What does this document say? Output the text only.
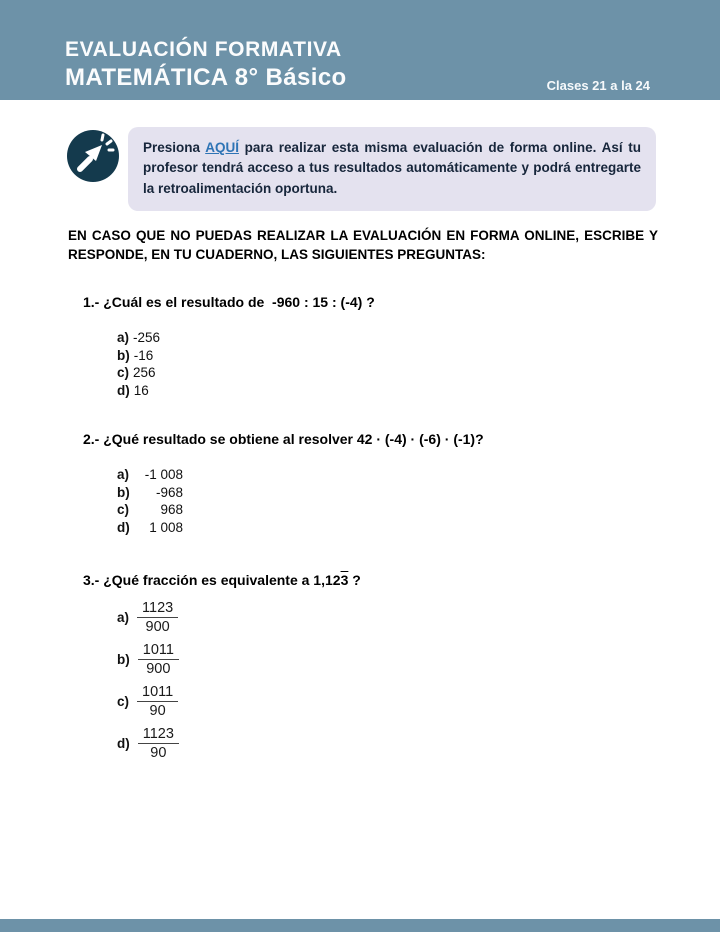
EVALUACIÓN FORMATIVA
MATEMÁTICA 8° Básico	Clases 21 a la 24
Presiona AQUÍ para realizar esta misma evaluación de forma online. Así tu profesor tendrá acceso a tus resultados automáticamente y podrá entregarte la retroalimentación oportuna.
EN CASO QUE NO PUEDAS REALIZAR LA EVALUACIÓN EN FORMA ONLINE, ESCRIBE Y RESPONDE, EN TU CUADERNO, LAS SIGUIENTES PREGUNTAS:
1.- ¿Cuál es el resultado de  -960 : 15 : (-4) ?
a) -256
b) -16
c) 256
d) 16
2.- ¿Qué resultado se obtiene al resolver 42 · (-4) · (-6) · (-1)?
a)	-1 008
b)	-968
c)	968
d)	1 008
3.- ¿Qué fracción es equivalente a 1,123 ?
$a) \frac{1123}{900}$
$b) \frac{1011}{900}$
$c) \frac{1011}{90}$
$d) \frac{1123}{90}$
